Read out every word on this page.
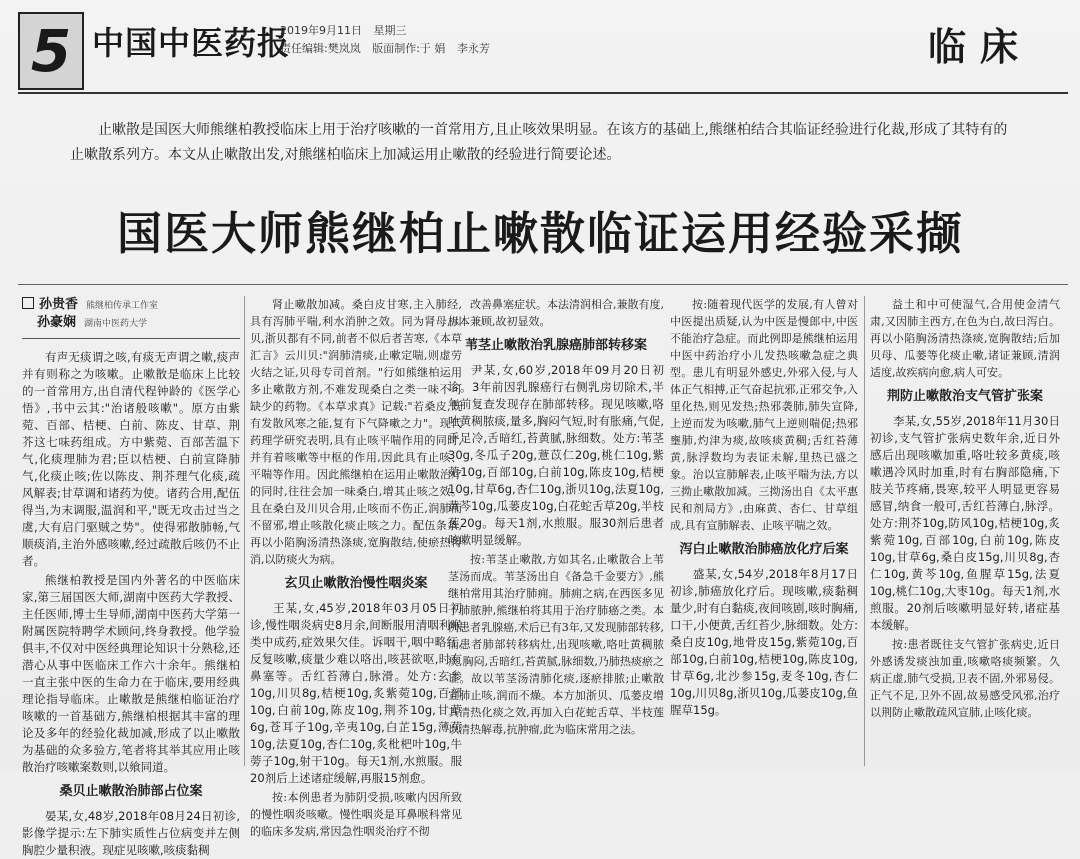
5 中国中医药报
2019年9月11日 星期三
责任编辑:樊岚岚 版面制作:于 娟 李永芳	临床
止嗽散是国医大师熊继柏教授临床上用于治疗咳嗽的一首常用方,且止咳效果明显。在该方的基础上,熊继柏结合其临证经验进行化裁,形成了其特有的止嗽散系列方。本文从止嗽散出发,对熊继柏临床上加减运用止嗽散的经验进行简要论述。
国医大师熊继柏止嗽散临证运用经验采撷
孙贵香 熊继柏传承工作室
孙豪娴 湖南中医药大学

有声无痰谓之咳,有痰无声谓之嗽,痰声并有则称之为咳嗽。止嗽散是临床上比较的一首常用方,出自清代程钟龄的《医学心悟》,书中云其:"治诸般咳嗽"。原方由紫菀、百部、桔梗、白前、陈皮、甘草、荆芥这七味药组成。方中紫菀、百部苦温下气,化痰理肺为君;臣以桔梗、白前宣降肺气,化痰止咳;佐以陈皮、荆芥理气化痰,疏风解表;甘草调和诸药为使。诸药合用,配伍得当,为末调服,温润和平,"既无攻击过当之虞,大有启门驱贼之势"。使得邪散肺畅,气顺痰消,主治外感咳嗽,经过疏散后咳仍不止者。

熊继柏教授是国内外著名的中医临床家,第三届国医大师,湖南中医药大学教授、主任医师,博士生导师,湖南中医药大学第一附属医院特聘学术顾问,终身教授。他学验俱丰,不仅对中医经典理论知识十分熟稔,还潜心从事中医临床工作六十余年。熊继柏一直主张中医的生命力在于临床,要用经典理论指导临床。止嗽散是熊继柏临证治疗咳嗽的一首基础方,熊继柏根据其丰富的理论及多年的经验化裁加减,形成了以止嗽散为基础的众多验方,笔者将其举其应用止咳散治疗咳嗽案数则,以飨同道。

桑贝止嗽散治肺部占位案

晏某,女,48岁,2018年08月24日初诊,影像学提示:左下肺实质性占位病变并左侧胸腔少量积液。现症见咳嗽,咳痰黏稠

肾止嗽散加减。桑白皮甘寒,主入肺经,具有泻肺平喘,利水消肿之效。同为肾母,川贝,浙贝都有不同,前者不似后者苦寒,《本草汇言》云川贝:"润肺清痰,止嗽定喘,则虚劳火结之证,贝母专司首剂。"行如熊继柏运用多止嗽散方剂,不难发现桑白之类一味不可缺少的药物。《本草求真》记载:"若桑皮,既有发散风寒之能,复有下气降嗽之力"。现代药理学研究表明,具有止咳平喘作用的同时,并有着咳嗽等中枢的作用,因此具有止咳、平喘等作用。因此熊继柏在运用止嗽散治疗的同时,往往会加一味桑白,增其止咳之效。且在桑白及川贝合用,止咳而不伤正,润肺而不留邪,增止咳散化痰止咳之力。配伍条条,再以小陷胸汤清热涤痰,宽胸散结,使瘀热得消,以防痰火为病。

玄贝止嗽散治慢性咽炎案

王某,女,45岁,2018年03月05日初诊,慢性咽炎病史8月余,间断服用清咽利喉类中成药,症效果欠佳。诉咽干,咽中略红,反复咳嗽,痰量少难以咯出,咳甚欲呕,时有鼻塞等。舌红苔薄白,脉滑。处方:玄参10g,川贝8g,桔梗10g,炙紫菀10g,百部10g,白前10g,陈皮10g,荆芥10g,甘草6g,苍耳子10g,辛夷10g,白芷15g,薄荷10g,法夏10g,杏仁10g,炙枇杷叶10g,牛蒡子10g,射干10g。每天1剂,水煎服。服20剂后上述诸症缓解,再服15剂愈。

按:本例患者为肺阴受损,咳嗽内因所致的慢性咽炎咳嗽。慢性咽炎是耳鼻喉科常见的临床多发病,常因急性咽炎治疗不彻

改善鼻塞症状。本法清润相合,兼散有度,标本兼顾,故初显效。

苇茎止嗽散治乳腺癌肺部转移案

尹某,女,60岁,2018年09月20日初诊。3年前因乳腺癌行右侧乳房切除术,半年前复查发现存在肺部转移。现见咳嗽,咯吐黄稠脓痰,量多,胸闷气短,时有胀痛,气促,手足冷,舌暗红,苔黄腻,脉细数。处方:苇茎30g,冬瓜子20g,薏苡仁20g,桃仁10g,紫菀10g,百部10g,白前10g,陈皮10g,桔梗10g,甘草6g,杏仁10g,浙贝10g,法夏10g,黄芩10g,瓜蒌皮10g,白花蛇舌草20g,半枝莲20g。每天1剂,水煎服。服30剂后患者咳嗽明显缓解。

按:苇茎止嗽散,方如其名,止嗽散合上苇茎汤而成。苇茎汤出自《备急千金要方》,熊继柏常用其治疗肺痈。肺痈之病,在西医多见于肺脓肿,熊继柏将其用于治疗肺癌之类。本例患者乳腺癌,术后已有3年,又发现肺部转移,而患者肺部转移病灶,出现咳嗽,咯吐黄稠脓痰,胸闷,舌暗红,苔黄腻,脉细数,乃肺热痰瘀之证。故以苇茎汤清肺化痰,逐瘀排脓;止嗽散宣肺止咳,润而不燥。本方加浙贝、瓜蒌皮增其清热化痰之效,再加入白花蛇舌草、半枝莲以清热解毒,抗肿瘤,此为临床常用之法。

按:随着现代医学的发展,有人曾对中医提出质疑,认为中医是慢郎中,中医不能治疗急症。而此例即是熊继柏运用中医中药治疗小儿发热咳嗽急症之典型。患儿有明显外感史,外邪入侵,与人体正气相搏,正气奋起抗邪,正邪交争,入里化热,则见发热;热邪袭肺,肺失宣降,上逆而发为咳嗽,肺气上逆则喘促;热邪壅肺,灼津为痰,故咳痰黄稠;舌红苔薄黄,脉浮数均为表证未解,里热已盛之象。治以宣肺解表,止咳平喘为法,方以三拗止嗽散加减。三拗汤出自《太平惠民和剂局方》,由麻黄、杏仁、甘草组成,具有宣肺解表、止咳平喘之效。

泻白止嗽散治肺癌放化疗后案

盛某,女,54岁,2018年8月17日初诊,肺癌放化疗后。现咳嗽,痰黏稠量少,时有白黏痰,夜间咳剧,咳时胸痛,口干,小便黄,舌红苔少,脉细数。处方:桑白皮10g,地骨皮15g,紫菀10g,百部10g,白前10g,桔梗10g,陈皮10g,甘草6g,北沙参15g,麦冬10g,杏仁10g,川贝8g,浙贝10g,瓜蒌皮10g,鱼腥草15g。

益土和中可使湿气,合用使金清气肃,又因肺主西方,在色为白,故曰泻白。再以小陷胸汤清热涤痰,宽胸散结;后加贝母、瓜蒌等化痰止嗽,诸证兼顾,清润适度,故疾病向愈,病人可安。

荆防止嗽散治支气管扩张案

李某,女,55岁,2018年11月30日初诊,支气管扩张病史数年余,近日外感后出现咳嗽加重,咯吐较多黄痰,咳嗽遇冷风时加重,时有右胸部隐痛,下肢关节疼痛,畏寒,较平人明显更容易感冒,纳食一般可,舌红苔薄白,脉浮。处方:荆芥10g,防风10g,桔梗10g,炙紫菀10g,百部10g,白前10g,陈皮10g,甘草6g,桑白皮15g,川贝8g,杏仁10g,黄芩10g,鱼腥草15g,法夏10g,桃仁10g,大枣10g。每天1剂,水煎服。20剂后咳嗽明显好转,诸症基本缓解。

按:患者既往支气管扩张病史,近日外感诱发痰浊加重,咳嗽咯痰频繁。久病正虚,肺气受损,卫表不固,外邪易侵。正气不足,卫外不固,故易感受风邪,治疗以荆防止嗽散疏风宣肺,止咳化痰。
